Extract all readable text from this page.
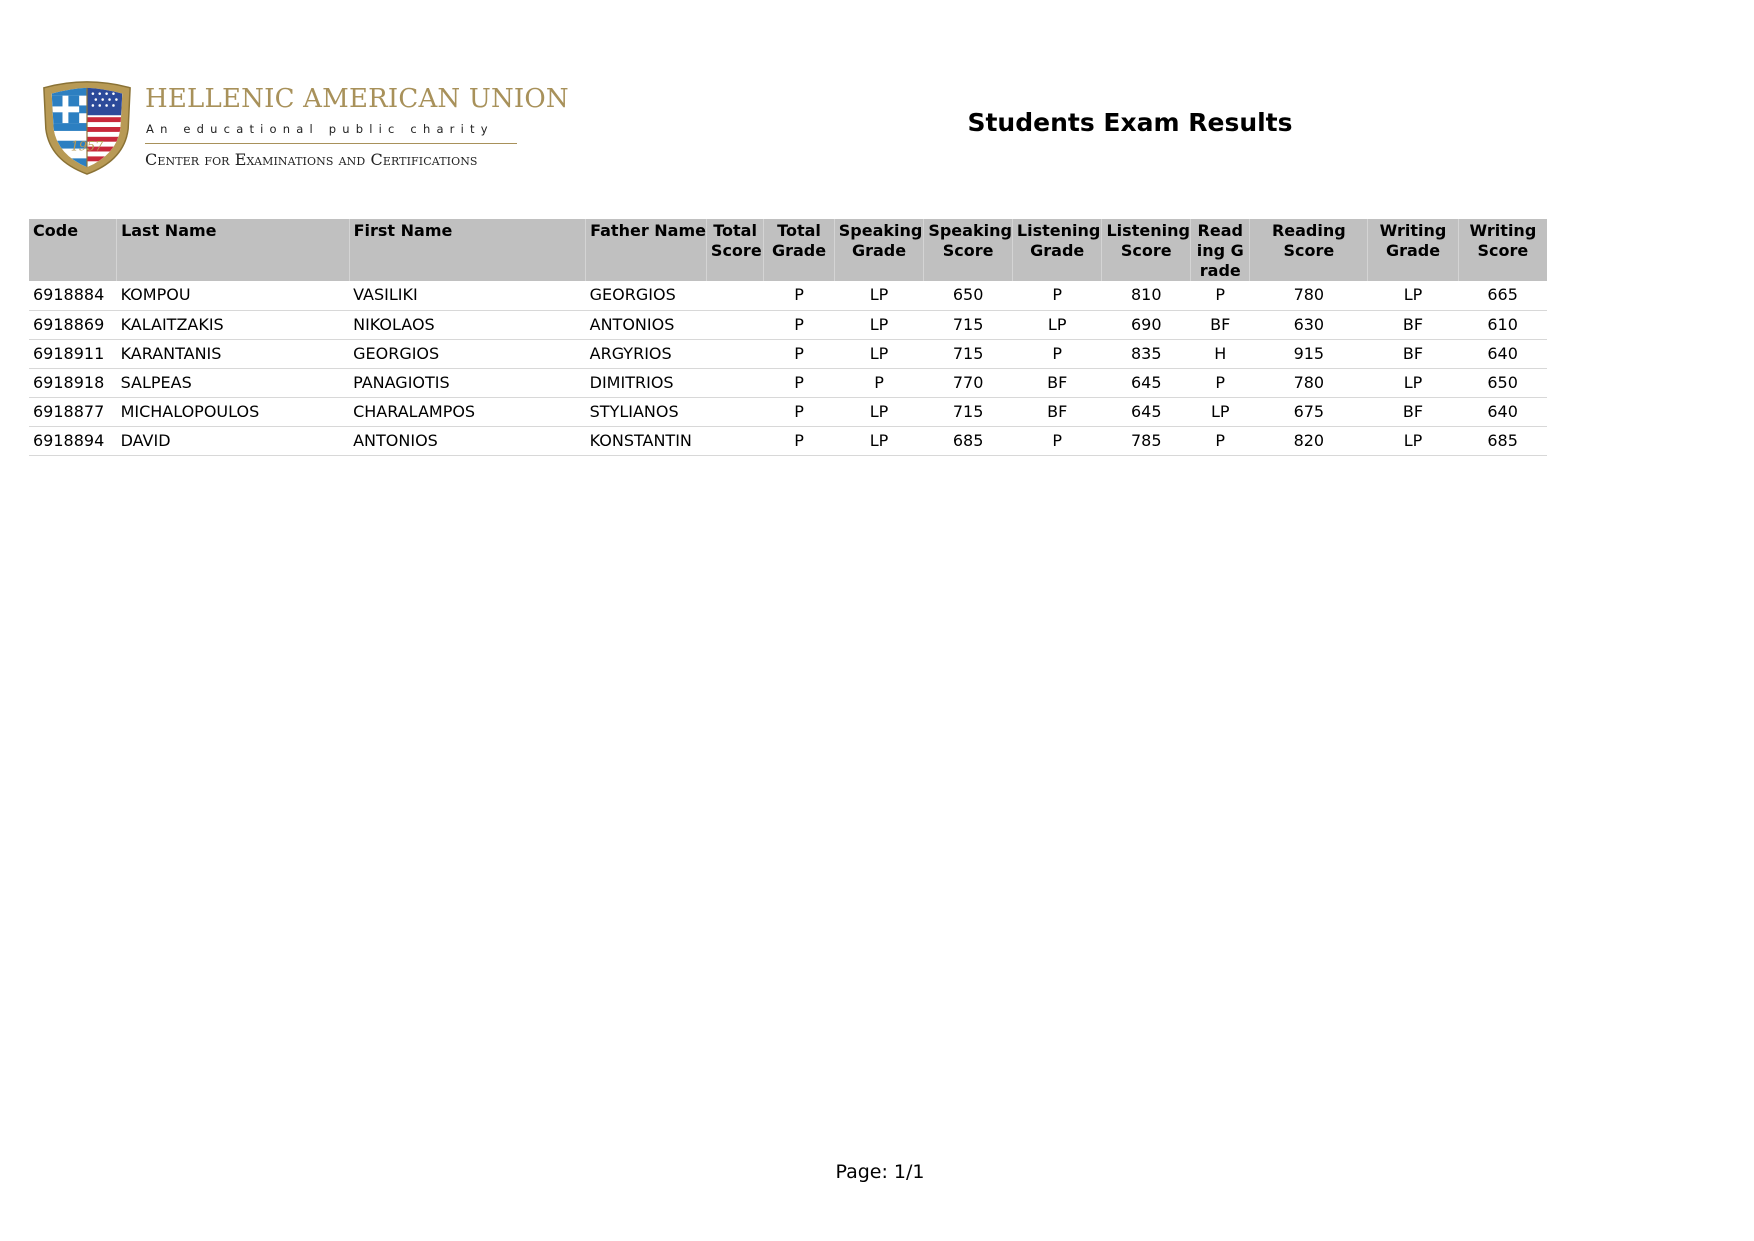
1957
HELLENIC AMERICAN UNION
An educational public charity
Center for Examinations and Certifications
Students Exam Results
Code	Last Name	First Name	Father Name	Total Score	Total Grade	Speaking Grade	Speaking Score	Listening Grade	Listening Score	Reading Grade	Reading Score	Writing Grade	Writing Score
6918884	KOMPOU	VASILIKI	GEORGIOS		P	LP	650	P	810	P	780	LP	665
6918869	KALAITZAKIS	NIKOLAOS	ANTONIOS		P	LP	715	LP	690	BF	630	BF	610
6918911	KARANTANIS	GEORGIOS	ARGYRIOS		P	LP	715	P	835	H	915	BF	640
6918918	SALPEAS	PANAGIOTIS	DIMITRIOS		P	P	770	BF	645	P	780	LP	650
6918877	MICHALOPOULOS	CHARALAMPOS	STYLIANOS		P	LP	715	BF	645	LP	675	BF	640
6918894	DAVID	ANTONIOS	KONSTANTIN		P	LP	685	P	785	P	820	LP	685
Page: 1/1
